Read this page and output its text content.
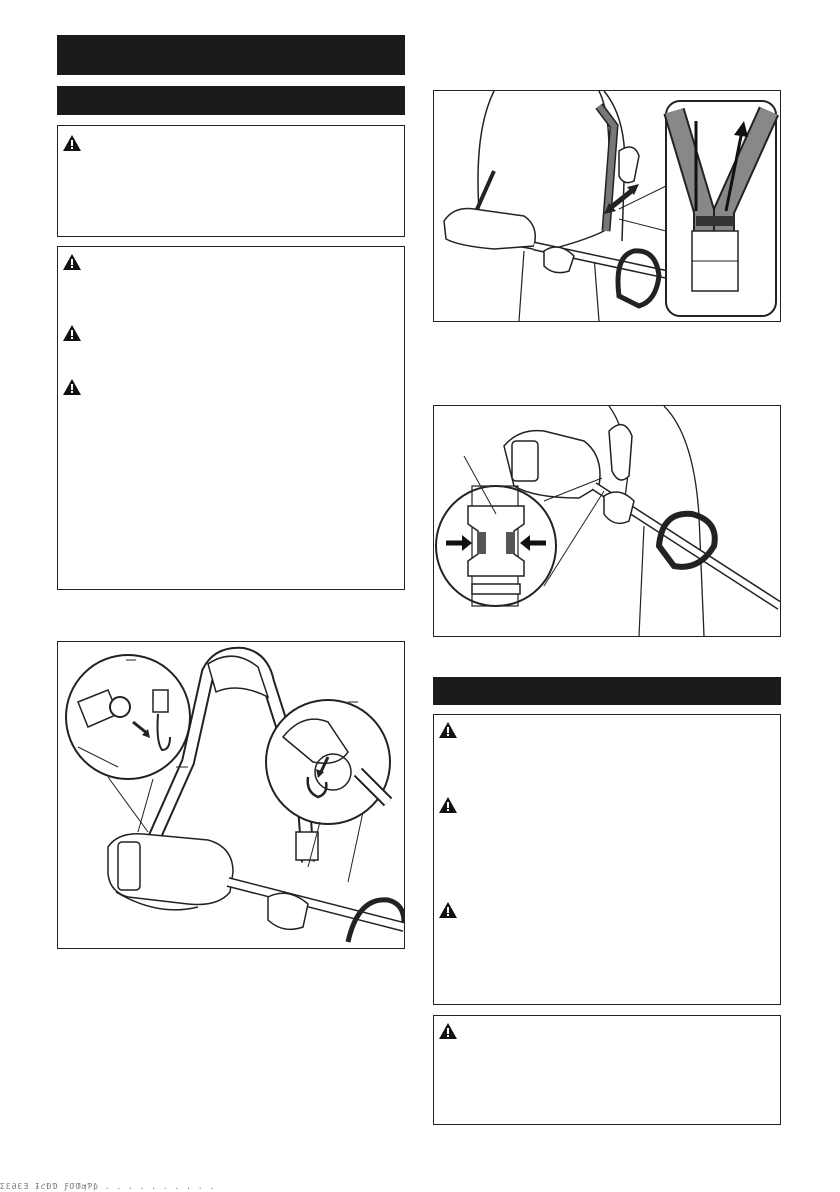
ƩƐƏƐƎ ƗƈƉƊ ƑƠƢƣƤƥ . . . . . . . . . .
